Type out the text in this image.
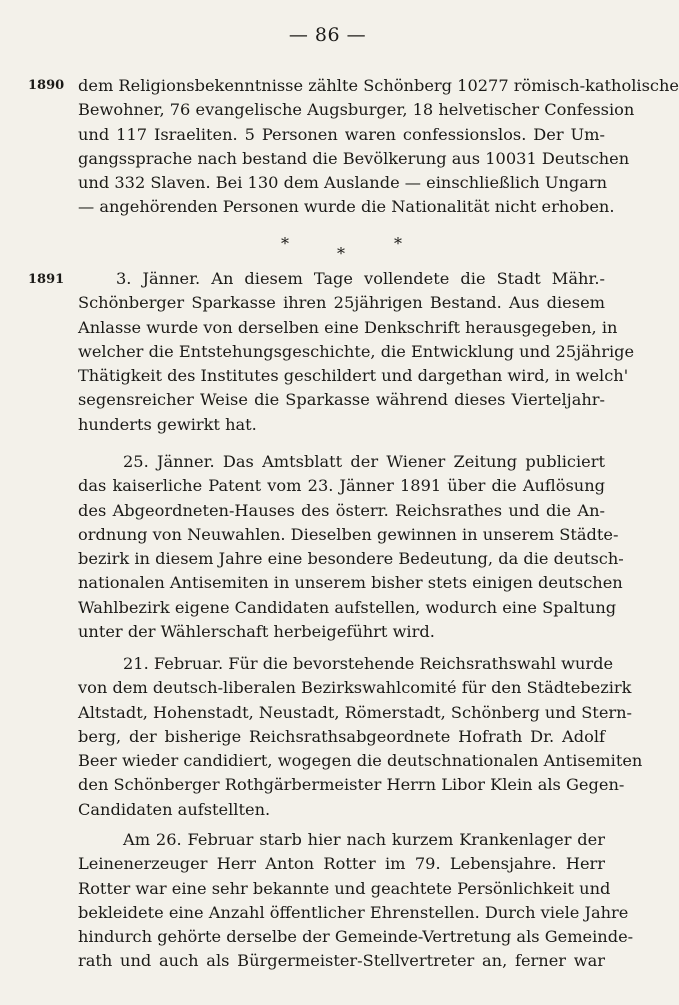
— 86 —
1890 dem Religionsbekenntnisse zählte Schönberg 10277 römisch-katholische
Bewohner, 76 evangelische Augsburger, 18 helvetischer Confession
und 117 Israeliten. 5 Personen waren confessionslos. Der Um-
gangssprache nach bestand die Bevölkerung aus 10031 Deutschen
und 332 Slaven. Bei 130 dem Auslande — einschließlich Ungarn
— angehörenden Personen wurde die Nationalität nicht erhoben.
*
*
*
1891	3. Jänner. An diesem Tage vollendete die Stadt Mähr.-
Schönberger Sparkasse ihren 25jährigen Bestand. Aus diesem
Anlasse wurde von derselben eine Denkschrift herausgegeben, in
welcher die Entstehungsgeschichte, die Entwicklung und 25jährige
Thätigkeit des Institutes geschildert und dargethan wird, in welch'
segensreicher Weise die Sparkasse während dieses Vierteljahr-
hunderts gewirkt hat.
25. Jänner. Das Amtsblatt der Wiener Zeitung publiciert
das kaiserliche Patent vom 23. Jänner 1891 über die Auflösung
des Abgeordneten-Hauses des österr. Reichsrathes und die An-
ordnung von Neuwahlen. Dieselben gewinnen in unserem Städte-
bezirk in diesem Jahre eine besondere Bedeutung, da die deutsch-
nationalen Antisemiten in unserem bisher stets einigen deutschen
Wahlbezirk eigene Candidaten aufstellen, wodurch eine Spaltung
unter der Wählerschaft herbeigeführt wird.
21. Februar. Für die bevorstehende Reichsrathswahl wurde
von dem deutsch-liberalen Bezirkswahlcomité für den Städtebezirk
Altstadt, Hohenstadt, Neustadt, Römerstadt, Schönberg und Stern-
berg, der bisherige Reichsrathsabgeordnete Hofrath Dr. Adolf
Beer wieder candidiert, wogegen die deutschnationalen Antisemiten
den Schönberger Rothgärbermeister Herrn Libor Klein als Gegen-
Candidaten aufstellten.
Am 26. Februar starb hier nach kurzem Krankenlager der
Leinenerzeuger Herr Anton Rotter im 79. Lebensjahre. Herr
Rotter war eine sehr bekannte und geachtete Persönlichkeit und
bekleidete eine Anzahl öffentlicher Ehrenstellen. Durch viele Jahre
hindurch gehörte derselbe der Gemeinde-Vertretung als Gemeinde-
rath und auch als Bürgermeister-Stellvertreter an, ferner war
